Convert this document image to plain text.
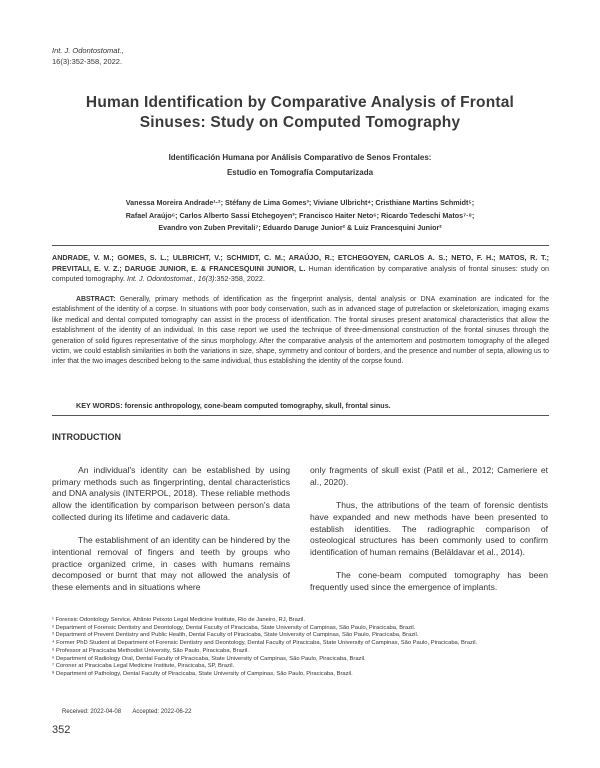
Int. J. Odontostomat.,
16(3):352-358, 2022.
Human Identification by Comparative Analysis of Frontal Sinuses: Study on Computed Tomography
Identificación Humana por Análisis Comparativo de Senos Frontales:
Estudio en Tomografía Computarizada
Vanessa Moreira Andrade¹·²; Stéfany de Lima Gomes³; Viviane Ulbricht⁴; Cristhiane Martins Schmidt⁵;
Rafael Araújo⁶; Carlos Alberto Sassi Etchegoyen³; Francisco Haiter Neto⁶; Ricardo Tedeschi Matos⁷·⁸;
Evandro von Zuben Previtali⁷; Eduardo Daruge Junior² & Luiz Francesquini Junior²

ANDRADE, V. M.; GOMES, S. L.; ULBRICHT, V.; SCHMIDT, C. M.; ARAÚJO, R.; ETCHEGOYEN, CARLOS A. S.; NETO, F. H.; MATOS, R. T.; PREVITALI, E. V. Z.; DARUGE JUNIOR, E. & FRANCESQUINI JUNIOR, L. Human identification by comparative analysis of frontal sinuses: study on computed tomography. Int. J. Odontostomat., 16(3):352-358, 2022.

ABSTRACT: Generally, primary methods of identification as the fingerprint analysis, dental analysis or DNA examination are indicated for the establishment of the identity of a corpse. In situations with poor body conservation, such as in advanced stage of putrefaction or skeletonization, imaging exams like medical and dental computed tomography can assist in the process of identification. The frontal sinuses present anatomical characteristics that allow the establishment of the identity of an individual. In this case report we used the technique of three-dimensional construction of the frontal sinuses through the generation of solid figures representative of the sinus morphology. After the comparative analysis of the antemortem and postmortem tomography of the alleged victim, we could establish similarities in both the variations in size, shape, symmetry and contour of borders, and the presence and number of septa, allowing us to infer that the two images described belong to the same individual, thus establishing the identity of the corpse found.

KEY WORDS: forensic anthropology, cone-beam computed tomography, skull, frontal sinus.

INTRODUCTION

An individual's identity can be established by using primary methods such as fingerprinting, dental characteristics and DNA analysis (INTERPOL, 2018). These reliable methods allow the identification by comparison between person's data collected during its lifetime and cadaveric data.

The establishment of an identity can be hindered by the intentional removal of fingers and teeth by groups who practice organized crime, in cases with humans remains decomposed or burnt that may not allowed the analysis of these elements and in situations where

only fragments of skull exist (Patil et al., 2012; Cameriere et al., 2020).

Thus, the attributions of the team of forensic dentists have expanded and new methods have been presented to establish identities. The radiographic comparison of osteological structures has been commonly used to confirm identification of human remains (Beläldavar et al., 2014).

The cone-beam computed tomography has been frequently used since the emergence of implants.

¹ Forensic Odontology Service, Afrânio Peixoto Legal Medicine Institute, Rio de Janeiro, RJ, Brazil.
² Department of Forensic Dentistry and Deontology, Dental Faculty of Piracicaba, State University of Campinas, São Paulo, Piracicaba, Brazil.
³ Department of Prevent Dentistry and Public Health, Dental Faculty of Piracicaba, State University of Campinas, São Paulo, Piracicaba, Brazil.
⁴ Former PhD Student at Department of Forensic Dentistry and Deontology, Dental Faculty of Piracicaba, State University of Campinas, São Paulo, Piracicaba, Brazil.
⁵ Professor at Piracicaba Methodist University, São Paulo, Piracicaba, Brazil.
⁶ Department of Radiology Oral, Dental Faculty of Piracicaba, State University of Campinas, São Paulo, Piracicaba, Brazil.
⁷ Coroner at Piracicaba Legal Medicine Institute, Piracicaba, SP, Brazil.
⁸ Department of Pathology, Dental Faculty of Piracicaba, State University of Campinas, São Paulo, Piracicaba, Brazil.
Received: 2022-04-08 Accepted: 2022-06-22
352
